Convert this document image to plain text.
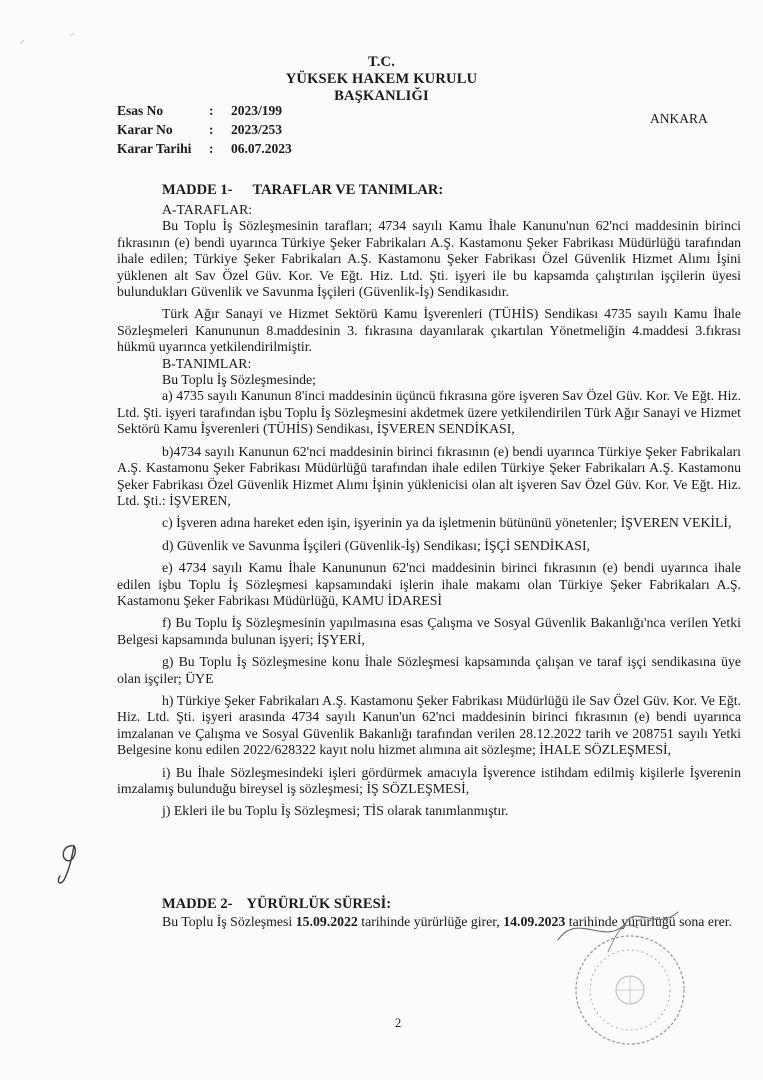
T.C.
YÜKSEK HAKEM KURULU
BAŞKANLIĞI
Esas No	:	2023/199
Karar No	:	2023/253
Karar Tarihi	:	06.07.2023
ANKARA
MADDE 1- TARAFLAR VE TANIMLAR:

A-TARAFLAR:

Bu Toplu İş Sözleşmesinin tarafları; 4734 sayılı Kamu İhale Kanunu'nun 62'nci maddesinin birinci fıkrasının (e) bendi uyarınca Türkiye Şeker Fabrikaları A.Ş. Kastamonu Şeker Fabrikası Müdürlüğü tarafından ihale edilen; Türkiye Şeker Fabrikaları A.Ş. Kastamonu Şeker Fabrikası Özel Güvenlik Hizmet Alımı İşini yüklenen alt Sav Özel Güv. Kor. Ve Eğt. Hiz. Ltd. Şti. işyeri ile bu kapsamda çalıştırılan işçilerin üyesi bulundukları Güvenlik ve Savunma İşçileri (Güvenlik-İş) Sendikasıdır.

Türk Ağır Sanayi ve Hizmet Sektörü Kamu İşverenleri (TÜHİS) Sendikası 4735 sayılı Kamu İhale Sözleşmeleri Kanununun 8.maddesinin 3. fıkrasına dayanılarak çıkartılan Yönetmeliğin 4.maddesi 3.fıkrası hükmü uyarınca yetkilendirilmiştir.

B-TANIMLAR:

Bu Toplu İş Sözleşmesinde;

a) 4735 sayılı Kanunun 8'inci maddesinin üçüncü fıkrasına göre işveren Sav Özel Güv. Kor. Ve Eğt. Hiz. Ltd. Şti. işyeri tarafından işbu Toplu İş Sözleşmesini akdetmek üzere yetkilendirilen Türk Ağır Sanayi ve Hizmet Sektörü Kamu İşverenleri (TÜHİS) Sendikası, İŞVEREN SENDİKASI,

b)4734 sayılı Kanunun 62'nci maddesinin birinci fıkrasının (e) bendi uyarınca Türkiye Şeker Fabrikaları A.Ş. Kastamonu Şeker Fabrikası Müdürlüğü tarafından ihale edilen Türkiye Şeker Fabrikaları A.Ş. Kastamonu Şeker Fabrikası Özel Güvenlik Hizmet Alımı İşinin yüklenicisi olan alt işveren Sav Özel Güv. Kor. Ve Eğt. Hiz. Ltd. Şti.: İŞVEREN,

c) İşveren adına hareket eden işin, işyerinin ya da işletmenin bütününü yönetenler; İŞVEREN VEKİLİ,

d) Güvenlik ve Savunma İşçileri (Güvenlik-İş) Sendikası; İŞÇİ SENDİKASI,

e) 4734 sayılı Kamu İhale Kanununun 62'nci maddesinin birinci fıkrasının (e) bendi uyarınca ihale edilen işbu Toplu İş Sözleşmesi kapsamındaki işlerin ihale makamı olan Türkiye Şeker Fabrikaları A.Ş. Kastamonu Şeker Fabrikası Müdürlüğü, KAMU İDARESİ

f) Bu Toplu İş Sözleşmesinin yapılmasına esas Çalışma ve Sosyal Güvenlik Bakanlığı'nca verilen Yetki Belgesi kapsamında bulunan işyeri; İŞYERİ,

g) Bu Toplu İş Sözleşmesine konu İhale Sözleşmesi kapsamında çalışan ve taraf işçi sendikasına üye olan işçiler; ÜYE

h) Türkiye Şeker Fabrikaları A.Ş. Kastamonu Şeker Fabrikası Müdürlüğü ile Sav Özel Güv. Kor. Ve Eğt. Hiz. Ltd. Şti. işyeri arasında 4734 sayılı Kanun'un 62'nci maddesinin birinci fıkrasının (e) bendi uyarınca imzalanan ve Çalışma ve Sosyal Güvenlik Bakanlığı tarafından verilen 28.12.2022 tarih ve 208751 sayılı Yetki Belgesine konu edilen 2022/628322 kayıt nolu hizmet alımına ait sözleşme; İHALE SÖZLEŞMESİ,

i) Bu İhale Sözleşmesindeki işleri gördürmek amacıyla İşverence istihdam edilmiş kişilerle İşverenin imzalamış bulunduğu bireysel iş sözleşmesi; İŞ SÖZLEŞMESİ,

j) Ekleri ile bu Toplu İş Sözleşmesi; TİS olarak tanımlanmıştır.

MADDE 2- YÜRÜRLÜK SÜRESİ:

Bu Toplu İş Sözleşmesi 15.09.2022 tarihinde yürürlüğe girer, 14.09.2023 tarihinde yürürlüğü sona erer.

2
